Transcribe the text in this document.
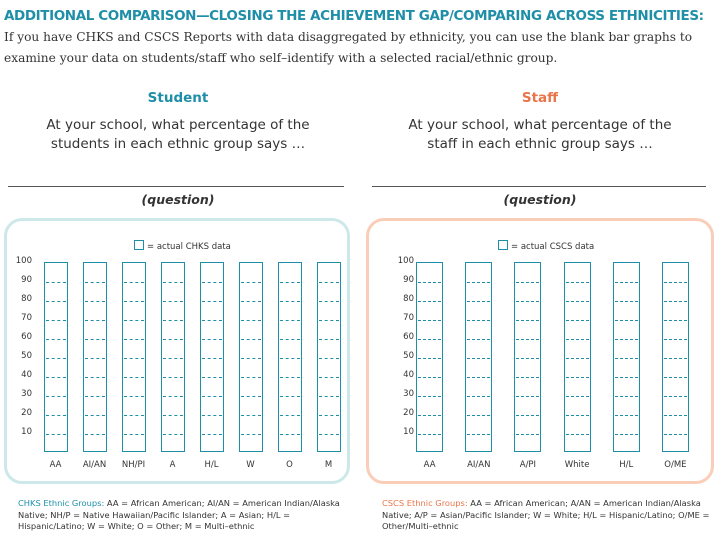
ADDITIONAL COMPARISON—CLOSING THE ACHIEVEMENT GAP/COMPARING ACROSS ETHNICITIES: If you have CHKS and CSCS Reports with data disaggregated by ethnicity, you can use the blank bar graphs to examine your data on students/staff who self–identify with a selected racial/ethnic group.
Student
At your school, what percentage of the
students in each ethnic group says …
(question)
Staff
At your school, what percentage of the
staff in each ethnic group says …
(question)
= actual CHKS data
100
90
80
70
60
50
40
30
20
10
AA	AI/AN	NH/PI	A	H/L	W	O	M
= actual CSCS data
100
90
80
70
60
50
40
30
20
10
AA	AI/AN	A/PI	White	H/L	O/ME
CHKS Ethnic Groups: AA = African American; AI/AN = American Indian/Alaska Native; NH/P = Native Hawaiian/Pacific Islander; A = Asian; H/L = Hispanic/Latino; W = White; O = Other; M = Multi–ethnic
CSCS Ethnic Groups: AA = African American; A/AN = American Indian/Alaska Native; A/P = Asian/Pacific Islander; W = White; H/L = Hispanic/Latino; O/ME = Other/Multi–ethnic
